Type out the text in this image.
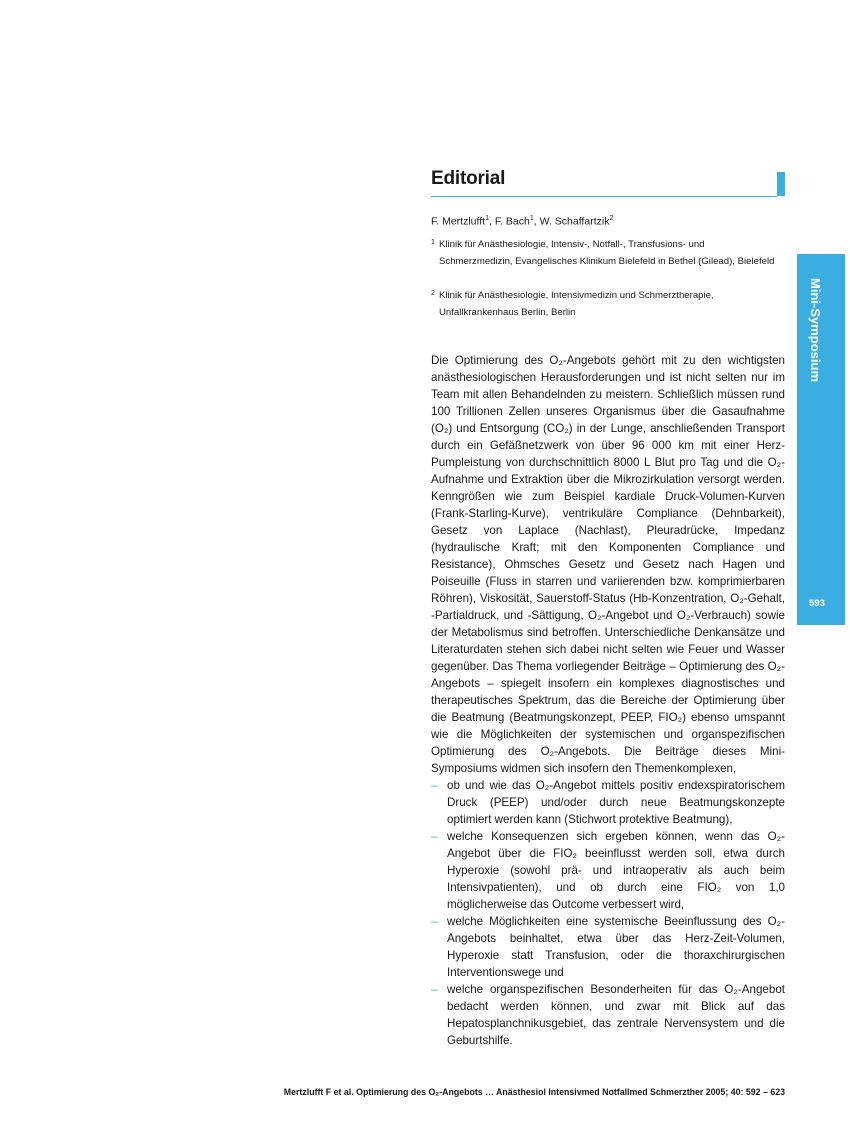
Editorial
F. Mertzlufft$^1$, F. Bach$^1$, W. Schaffartzik$^2$
1 Klinik für Anästhesiologie, Intensiv-, Notfall-, Transfusions- und Schmerzmedizin, Evangelisches Klinikum Bielefeld in Bethel (Gilead), Bielefeld
2 Klinik für Anästhesiologie, Intensivmedizin und Schmerztherapie, Unfallkrankenhaus Berlin, Berlin

Die Optimierung des O₂-Angebots gehört mit zu den wichtigsten anästhesiologischen Herausforderungen und ist nicht selten nur im Team mit allen Behandelnden zu meistern. Schließlich müssen rund 100 Trillionen Zellen unseres Organismus über die Gasaufnahme (O₂) und Entsorgung (CO₂) in der Lunge, anschließenden Transport durch ein Gefäßnetzwerk von über 96 000 km mit einer Herz-Pumpleistung von durchschnittlich 8000 L Blut pro Tag und die O₂-Aufnahme und Extraktion über die Mikrozirkulation versorgt werden. Kenngrößen wie zum Beispiel kardiale Druck-Volumen-Kurven (Frank-Starling-Kurve), ventrikuläre Compliance (Dehnbarkeit), Gesetz von Laplace (Nachlast), Pleuradrücke, Impedanz (hydraulische Kraft; mit den Komponenten Compliance und Resistance), Ohmsches Gesetz und Gesetz nach Hagen und Poiseuille (Fluss in starren und variierenden bzw. komprimierbaren Röhren), Viskosität, Sauerstoff-Status (Hb-Konzentration, O₂-Gehalt, -Partialdruck, und -Sättigung, O₂-Angebot und O₂-Verbrauch) sowie der Metabolismus sind betroffen. Unterschiedliche Denkansätze und Literaturdaten stehen sich dabei nicht selten wie Feuer und Wasser gegenüber. Das Thema vorliegender Beiträge – Optimierung des O₂-Angebots – spiegelt insofern ein komplexes diagnostisches und therapeutisches Spektrum, das die Bereiche der Optimierung über die Beatmung (Beatmungskonzept, PEEP, FIO₂) ebenso umspannt wie die Möglichkeiten der systemischen und organspezifischen Optimierung des O₂-Angebots. Die Beiträge dieses Mini-Symposiums widmen sich insofern den Themenkomplexen,

– ob und wie das O₂-Angebot mittels positiv endexspiratorischem Druck (PEEP) und/oder durch neue Beatmungskonzepte optimiert werden kann (Stichwort protektive Beatmung),
– welche Konsequenzen sich ergeben können, wenn das O₂-Angebot über die FIO₂ beeinflusst werden soll, etwa durch Hyperoxie (sowohl prä- und intraoperativ als auch beim Intensivpatienten), und ob durch eine FIO₂ von 1,0 möglicherweise das Outcome verbessert wird,
– welche Möglichkeiten eine systemische Beeinflussung des O₂-Angebots beinhaltet, etwa über das Herz-Zeit-Volumen, Hyperoxie statt Transfusion, oder die thoraxchirurgischen Interventionswege und
– welche organspezifischen Besonderheiten für das O₂-Angebot bedacht werden können, und zwar mit Blick auf das Hepatosplanchnikusgebiet, das zentrale Nervensystem und die Geburtshilfe.
Mini-Symposium
593
Mertzlufft F et al. Optimierung des O₂-Angebots … Anästhesiol Intensivmed Notfallmed Schmerzther 2005; 40: 592 – 623
